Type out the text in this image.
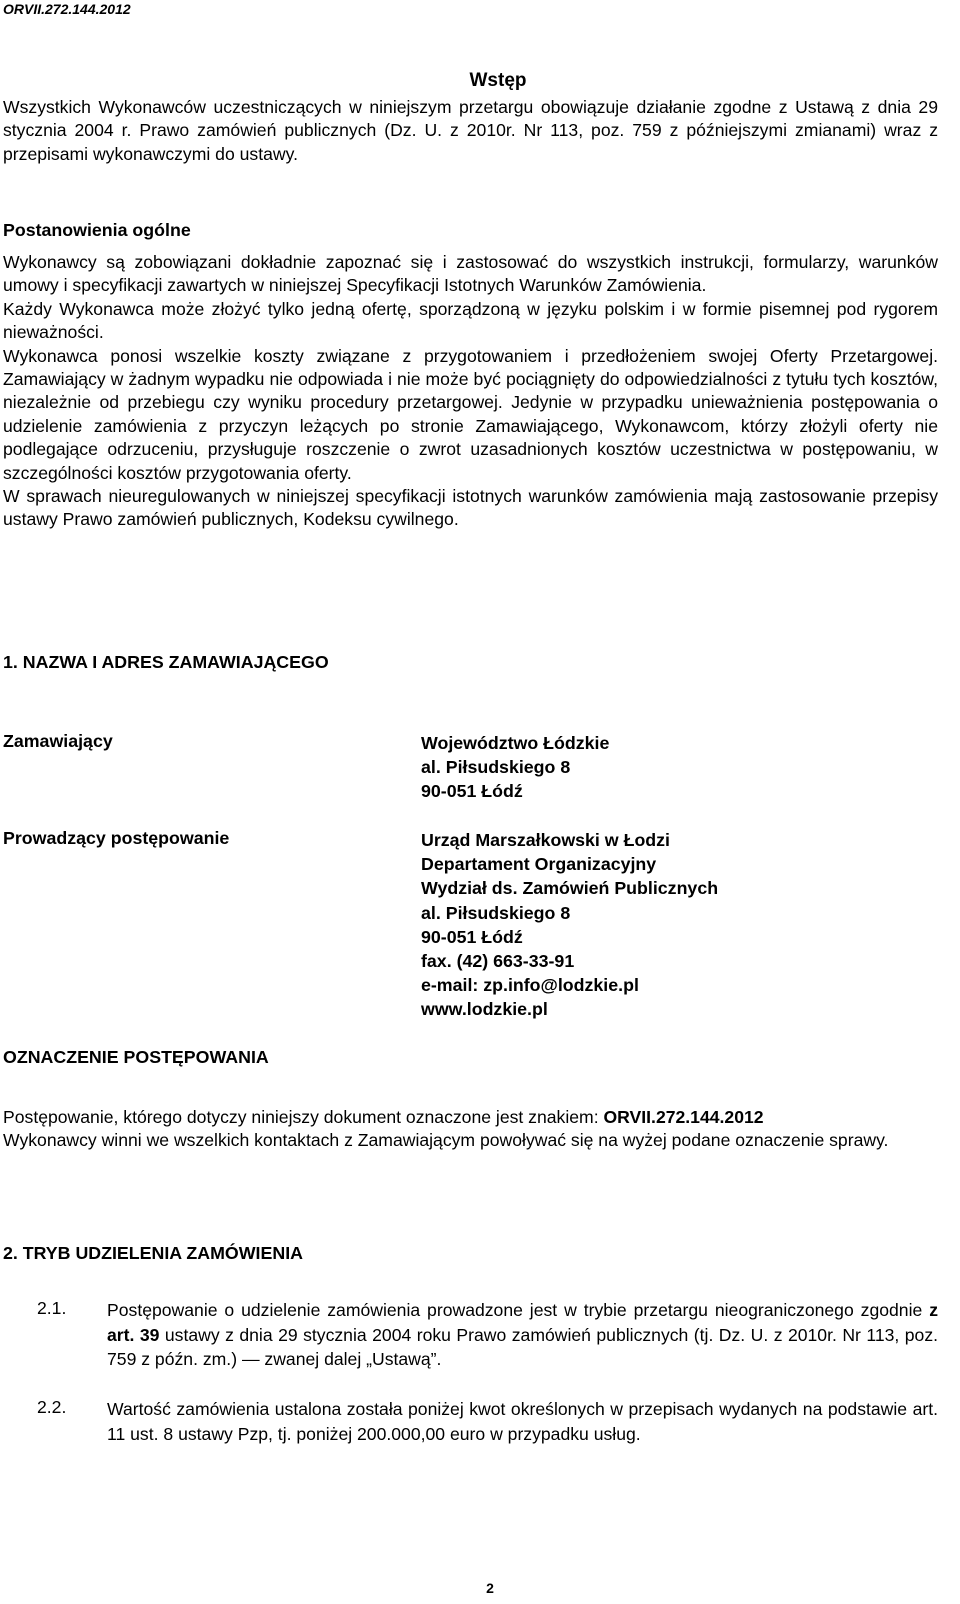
ORVII.272.144.2012
Wstęp

Wszystkich Wykonawców uczestniczących w niniejszym przetargu obowiązuje działanie zgodne z Ustawą z dnia 29 stycznia 2004 r. Prawo zamówień publicznych (Dz. U. z 2010r. Nr 113, poz. 759 z późniejszymi zmianami) wraz z przepisami wykonawczymi do ustawy.

Postanowienia ogólne

Wykonawcy są zobowiązani dokładnie zapoznać się i zastosować do wszystkich instrukcji, formularzy, warunków umowy i specyfikacji zawartych w niniejszej Specyfikacji Istotnych Warunków Zamówienia.

Każdy Wykonawca może złożyć tylko jedną ofertę, sporządzoną w języku polskim i w formie pisemnej pod rygorem nieważności.

Wykonawca ponosi wszelkie koszty związane z przygotowaniem i przedłożeniem swojej Oferty Przetargowej. Zamawiający w żadnym wypadku nie odpowiada i nie może być pociągnięty do odpowiedzialności z tytułu tych kosztów, niezależnie od przebiegu czy wyniku procedury przetargowej. Jedynie w przypadku unieważnienia postępowania o udzielenie zamówienia z przyczyn leżących po stronie Zamawiającego, Wykonawcom, którzy złożyli oferty nie podlegające odrzuceniu, przysługuje roszczenie o zwrot uzasadnionych kosztów uczestnictwa w postępowaniu, w szczególności kosztów przygotowania oferty.

W sprawach nieuregulowanych w niniejszej specyfikacji istotnych warunków zamówienia mają zastosowanie przepisy ustawy Prawo zamówień publicznych, Kodeksu cywilnego.

1. NAZWA I ADRES ZAMAWIAJĄCEGO
Zamawiający	Województwo Łódzkie
al. Piłsudskiego 8
90-051 Łódź
Prowadzący postępowanie	Urząd Marszałkowski w Łodzi
Departament Organizacyjny
Wydział ds. Zamówień Publicznych
al. Piłsudskiego 8
90-051 Łódź
fax. (42) 663-33-91
e-mail: zp.info@lodzkie.pl
www.lodzkie.pl
OZNACZENIE POSTĘPOWANIA

Postępowanie, którego dotyczy niniejszy dokument oznaczone jest znakiem: ORVII.272.144.2012

Wykonawcy winni we wszelkich kontaktach z Zamawiającym powoływać się na wyżej podane oznaczenie sprawy.

2. TRYB UDZIELENIA ZAMÓWIENIA
2.1. Postępowanie o udzielenie zamówienia prowadzone jest w trybie przetargu nieograniczonego zgodnie z art. 39 ustawy z dnia 29 stycznia 2004 roku Prawo zamówień publicznych (tj. Dz. U. z 2010r. Nr 113, poz. 759 z późn. zm.) — zwanej dalej „Ustawą”.
2.2. Wartość zamówienia ustalona została poniżej kwot określonych w przepisach wydanych na podstawie art. 11 ust. 8 ustawy Pzp, tj. poniżej 200.000,00 euro w przypadku usług.
2
